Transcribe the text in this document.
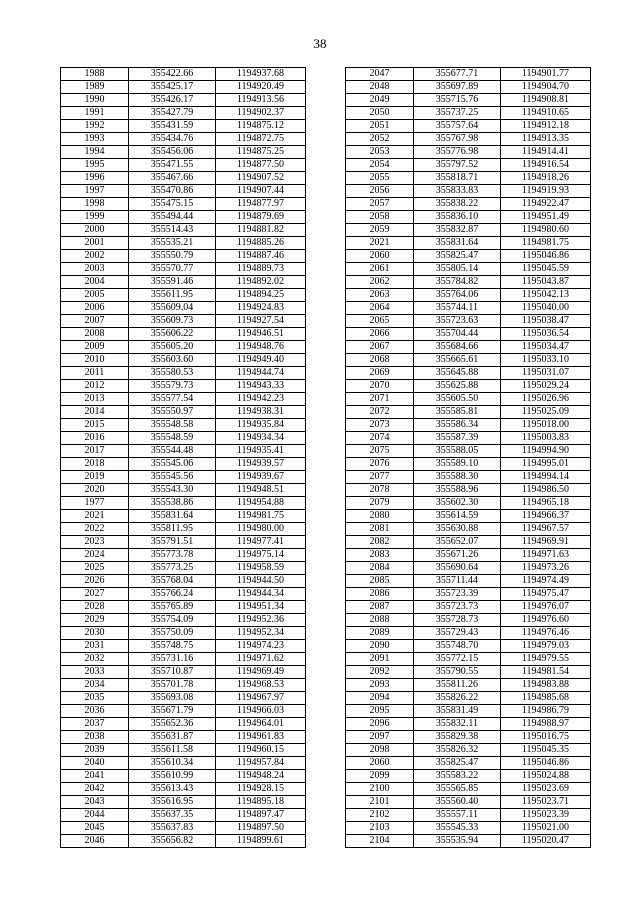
38
1988	355422.66	1194937.68
1989	355425.17	1194920.49
1990	355426.17	1194913.56
1991	355427.79	1194902.37
1992	355431.59	1194875.12
1993	355434.76	1194872.75
1994	355456.06	1194875.25
1995	355471.55	1194877.50
1996	355467.66	1194907.52
1997	355470.86	1194907.44
1998	355475.15	1194877.97
1999	355494.44	1194879.69
2000	355514.43	1194881.82
2001	355535.21	1194885.26
2002	355550.79	1194887.46
2003	355570.77	1194889.73
2004	355591.46	1194892.02
2005	355611.95	1194894.25
2006	355609.04	1194924.83
2007	355609.73	1194927.54
2008	355606.22	1194946.51
2009	355605.20	1194948.76
2010	355603.60	1194949.40
2011	355580.53	1194944.74
2012	355579.73	1194943.33
2013	355577.54	1194942.23
2014	355550.97	1194938.31
2015	355548.58	1194935.84
2016	355548.59	1194934.34
2017	355544.48	1194935.41
2018	355545.06	1194939.57
2019	355545.56	1194939.67
2020	355543.30	1194948.51
1977	355538.86	1194954.88
2021	355831.64	1194981.75
2022	355811.95	1194980.00
2023	355791.51	1194977.41
2024	355773.78	1194975.14
2025	355773.25	1194958.59
2026	355768.04	1194944.50
2027	355766.24	1194944.34
2028	355765.89	1194951.34
2029	355754.09	1194952.36
2030	355750.09	1194952.34
2031	355748.75	1194974.23
2032	355731.16	1194971.62
2033	355710.87	1194969.49
2034	355701.78	1194968.53
2035	355693.08	1194967.97
2036	355671.79	1194966.03
2037	355652.36	1194964.01
2038	355631.87	1194961.83
2039	355611.58	1194960.15
2040	355610.34	1194957.84
2041	355610.99	1194948.24
2042	355613.43	1194928.15
2043	355616.95	1194895.18
2044	355637.35	1194897.47
2045	355637.83	1194897.50
2046	355656.82	1194899.61
2047	355677.71	1194901.77
2048	355697.89	1194904.70
2049	355715.76	1194908.81
2050	355737.25	1194910.65
2051	355757.64	1194912.18
2052	355767.98	1194913.35
2053	355776.98	1194914.41
2054	355797.52	1194916.54
2055	355818.71	1194918.26
2056	355833.83	1194919.93
2057	355838.22	1194922.47
2058	355836.10	1194951.49
2059	355832.87	1194980.60
2021	355831.64	1194981.75
2060	355825.47	1195046.86
2061	355805.14	1195045.59
2062	355784.82	1195043.87
2063	355764.06	1195042.13
2064	355744.11	1195040.00
2065	355723.63	1195038.47
2066	355704.44	1195036.54
2067	355684.66	1195034.47
2068	355665.61	1195033.10
2069	355645.88	1195031.07
2070	355625.88	1195029.24
2071	355605.50	1195026.96
2072	355585.81	1195025.09
2073	355586.34	1195018.00
2074	355587.39	1195003.83
2075	355588.05	1194994.90
2076	355589.10	1194995.01
2077	355588.30	1194994.14
2078	355588.96	1194986.50
2079	355602.30	1194965.18
2080	355614.59	1194966.37
2081	355630.88	1194967.57
2082	355652.07	1194969.91
2083	355671.26	1194971.63
2084	355690.64	1194973.26
2085	355711.44	1194974.49
2086	355723.39	1194975.47
2087	355723.73	1194976.07
2088	355728.73	1194976.60
2089	355729.43	1194976.46
2090	355748.70	1194979.03
2091	355772.15	1194979.55
2092	355790.55	1194981.54
2093	355811.26	1194983.88
2094	355826.22	1194985.68
2095	355831.49	1194986.79
2096	355832.11	1194988.97
2097	355829.38	1195016.75
2098	355826.32	1195045.35
2060	355825.47	1195046.86
2099	355583.22	1195024.88
2100	355565.85	1195023.69
2101	355560.40	1195023.71
2102	355557.11	1195023.39
2103	355545.33	1195021.00
2104	355535.94	1195020.47
